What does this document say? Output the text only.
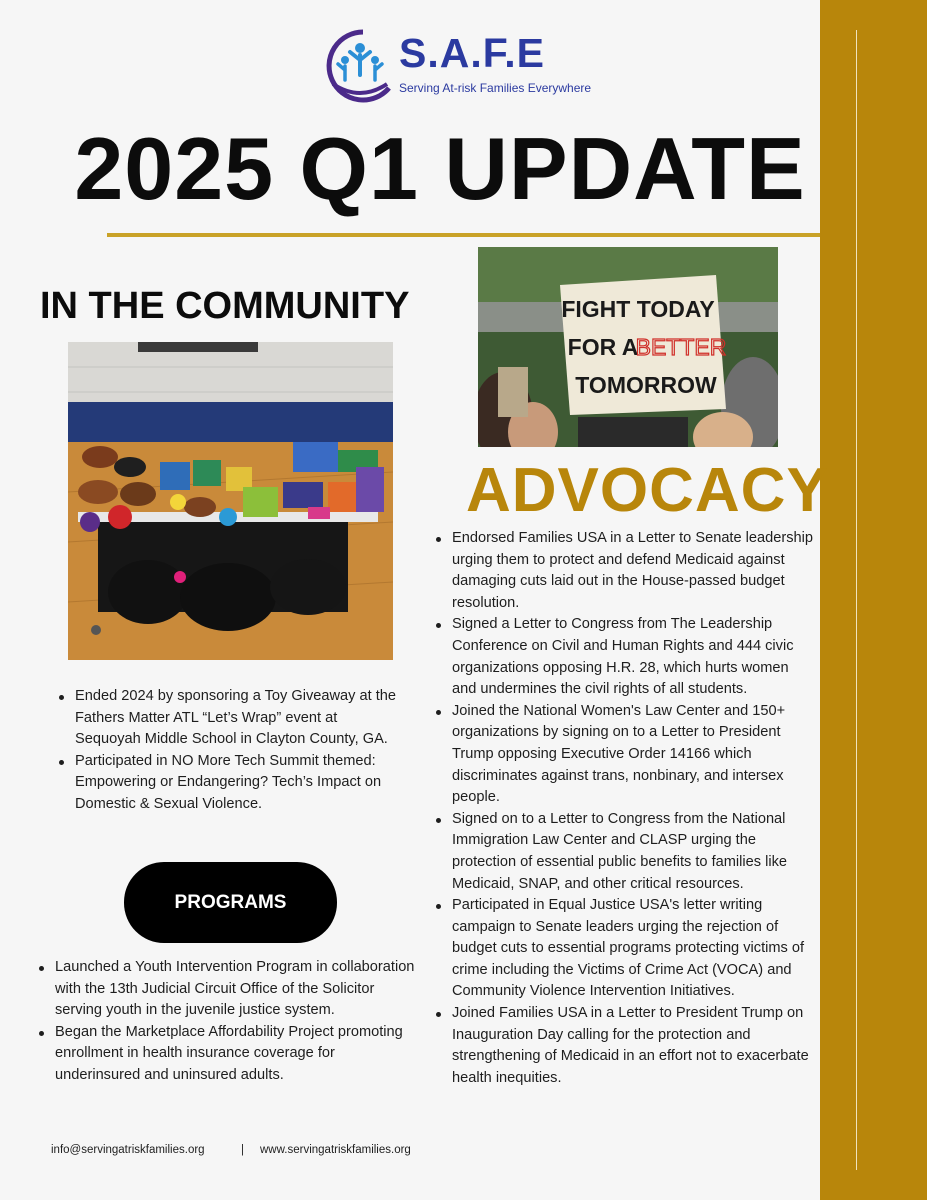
S.A.F.E
Serving At-risk Families Everywhere
2025 Q1 UPDATE
IN THE COMMUNITY
Ended 2024 by sponsoring a Toy Giveaway at the Fathers Matter ATL “Let’s Wrap” event at Sequoyah Middle School in Clayton County, GA.
Participated in NO More Tech Summit themed: Empowering or Endangering? Tech’s Impact on Domestic & Sexual Violence.
PROGRAMS
Launched a Youth Intervention Program in collaboration with the 13th Judicial Circuit Office of the Solicitor serving youth in the juvenile justice system.
Began the Marketplace Affordability Project promoting enrollment in health insurance coverage for underinsured and uninsured adults.
FIGHT TODAY
FOR A
BETTER
TOMORROW
ADVOCACY
Endorsed Families USA in a Letter to Senate leadership urging them to protect and defend Medicaid against damaging cuts laid out in the House-passed budget resolution.
Signed a Letter to Congress from The Leadership Conference on Civil and Human Rights and 444 civic organizations opposing H.R. 28, which hurts women and undermines the civil rights of all students.
Joined the National Women's Law Center and 150+ organizations by signing on to a Letter to President Trump opposing Executive Order 14166 which discriminates against trans, nonbinary, and intersex people.
Signed on to a Letter to Congress from the National Immigration Law Center and CLASP urging the protection of essential public benefits to families like Medicaid, SNAP, and other critical resources.
Participated in Equal Justice USA's letter writing campaign to Senate leaders urging the rejection of budget cuts to essential programs protecting victims of crime including the Victims of Crime Act (VOCA) and Community Violence Intervention Initiatives.
Joined Families USA in a Letter to President Trump on Inauguration Day calling for the protection and strengthening of Medicaid in an effort not to exacerbate health inequities.
info@servingatriskfamilies.org	| www.servingatriskfamilies.org
